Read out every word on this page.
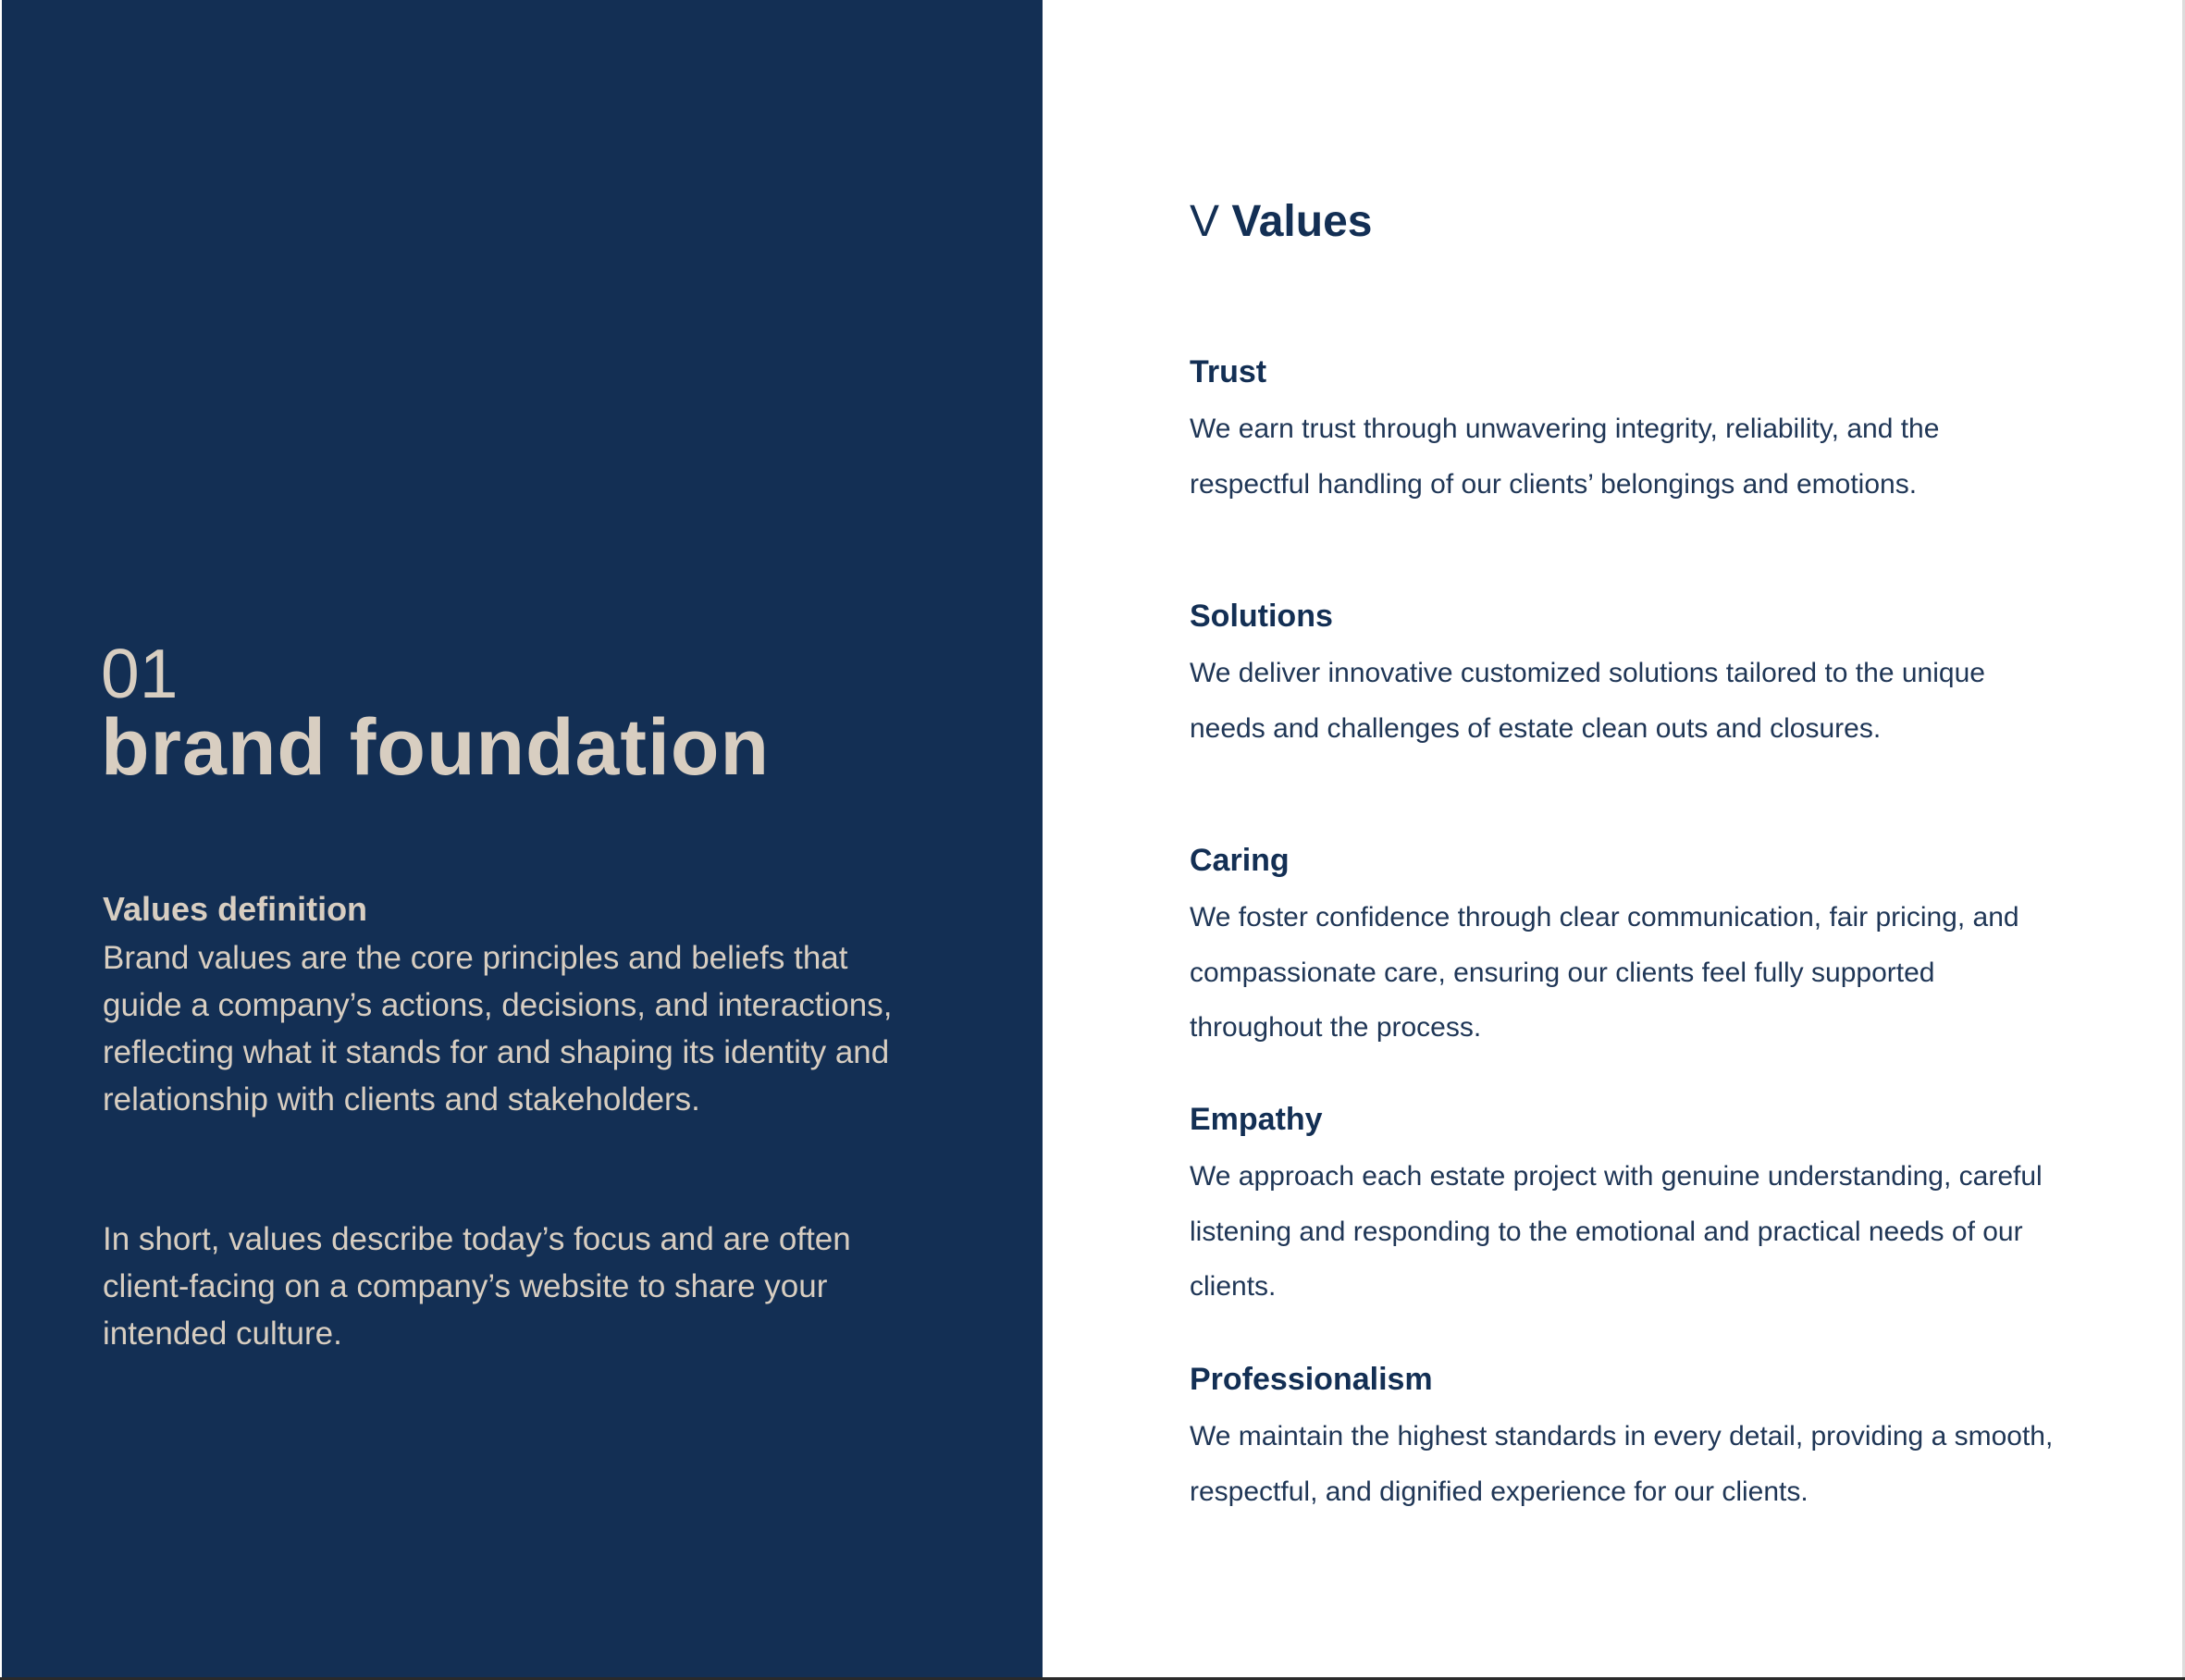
01

brand foundation
Values definition

Brand values are the core principles and beliefs that guide a company’s actions, decisions, and interactions, reflecting what it stands for and shaping its identity and relationship with clients and stakeholders.

In short, values describe today’s focus and are often client-facing on a company’s website to share your intended culture.

V Values
Trust

We earn trust through unwavering integrity, reliability, and the respectful handling of our clients’ belongings and emotions.

Solutions

We deliver innovative customized solutions tailored to the unique needs and challenges of estate clean outs and closures.

Caring

We foster confidence through clear communication, fair pricing, and compassionate care, ensuring our clients feel fully supported throughout the process.

Empathy

We approach each estate project with genuine understanding, careful listening and responding to the emotional and practical needs of our clients.

Professionalism

We maintain the highest standards in every detail, providing a smooth, respectful, and dignified experience for our clients.
